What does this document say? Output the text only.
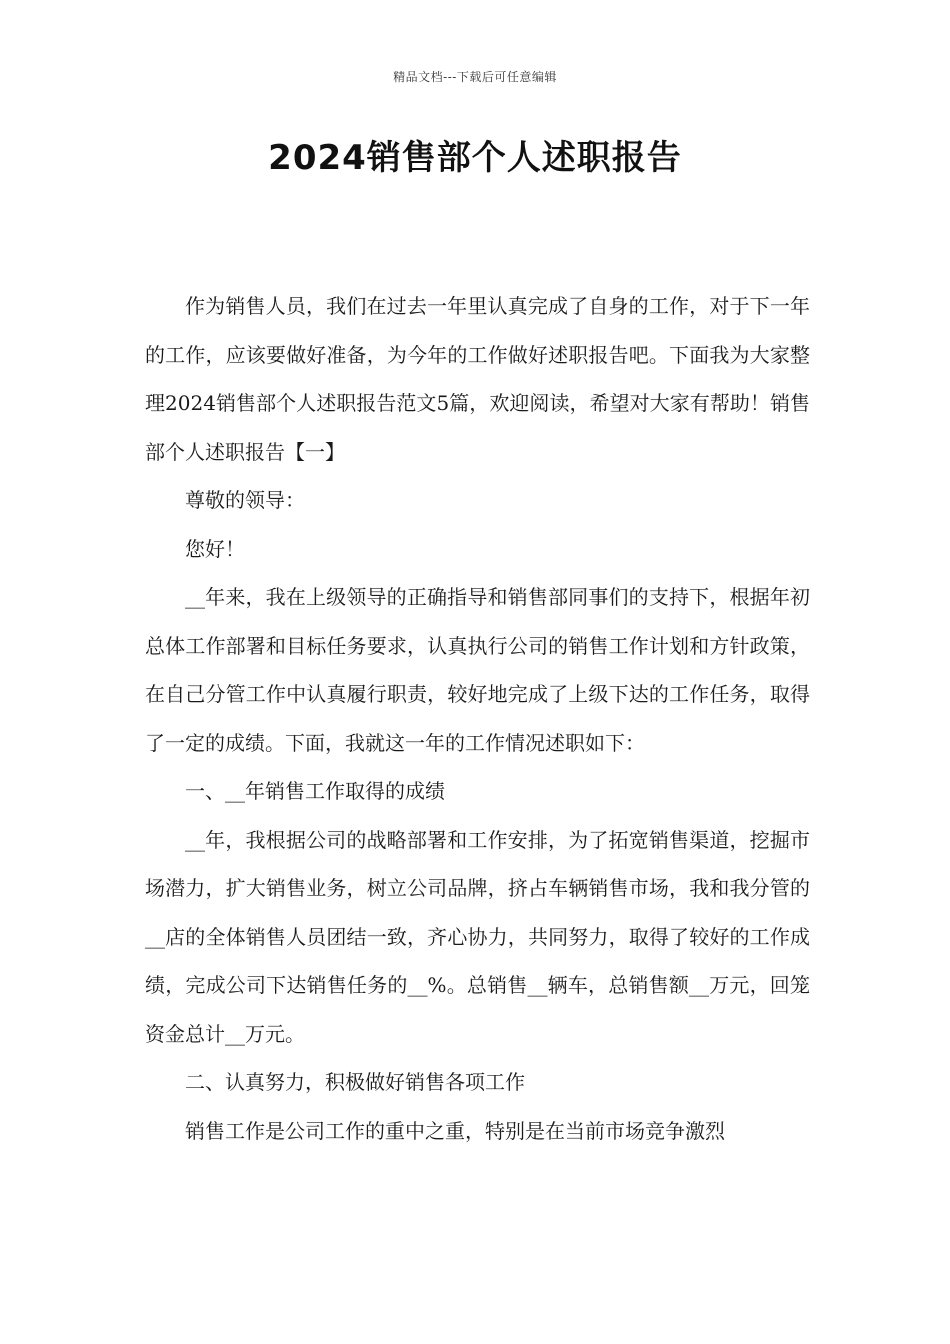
精品文档---下载后可任意编辑
2024销售部个人述职报告

作为销售人员，我们在过去一年里认真完成了自身的工作，对于下一年的工作，应该要做好准备，为今年的工作做好述职报告吧。下面我为大家整理2024销售部个人述职报告范文5篇，欢迎阅读，希望对大家有帮助！销售部个人述职报告【一】

尊敬的领导：

您好！

__年来，我在上级领导的正确指导和销售部同事们的支持下，根据年初总体工作部署和目标任务要求，认真执行公司的销售工作计划和方针政策，在自己分管工作中认真履行职责，较好地完成了上级下达的工作任务，取得了一定的成绩。下面，我就这一年的工作情况述职如下：

一、__年销售工作取得的成绩

__年，我根据公司的战略部署和工作安排，为了拓宽销售渠道，挖掘市场潜力，扩大销售业务，树立公司品牌，挤占车辆销售市场，我和我分管的__店的全体销售人员团结一致，齐心协力，共同努力，取得了较好的工作成绩，完成公司下达销售任务的__%。总销售__辆车，总销售额__万元，回笼资金总计__万元。

二、认真努力，积极做好销售各项工作

销售工作是公司工作的重中之重，特别是在当前市场竞争激烈
